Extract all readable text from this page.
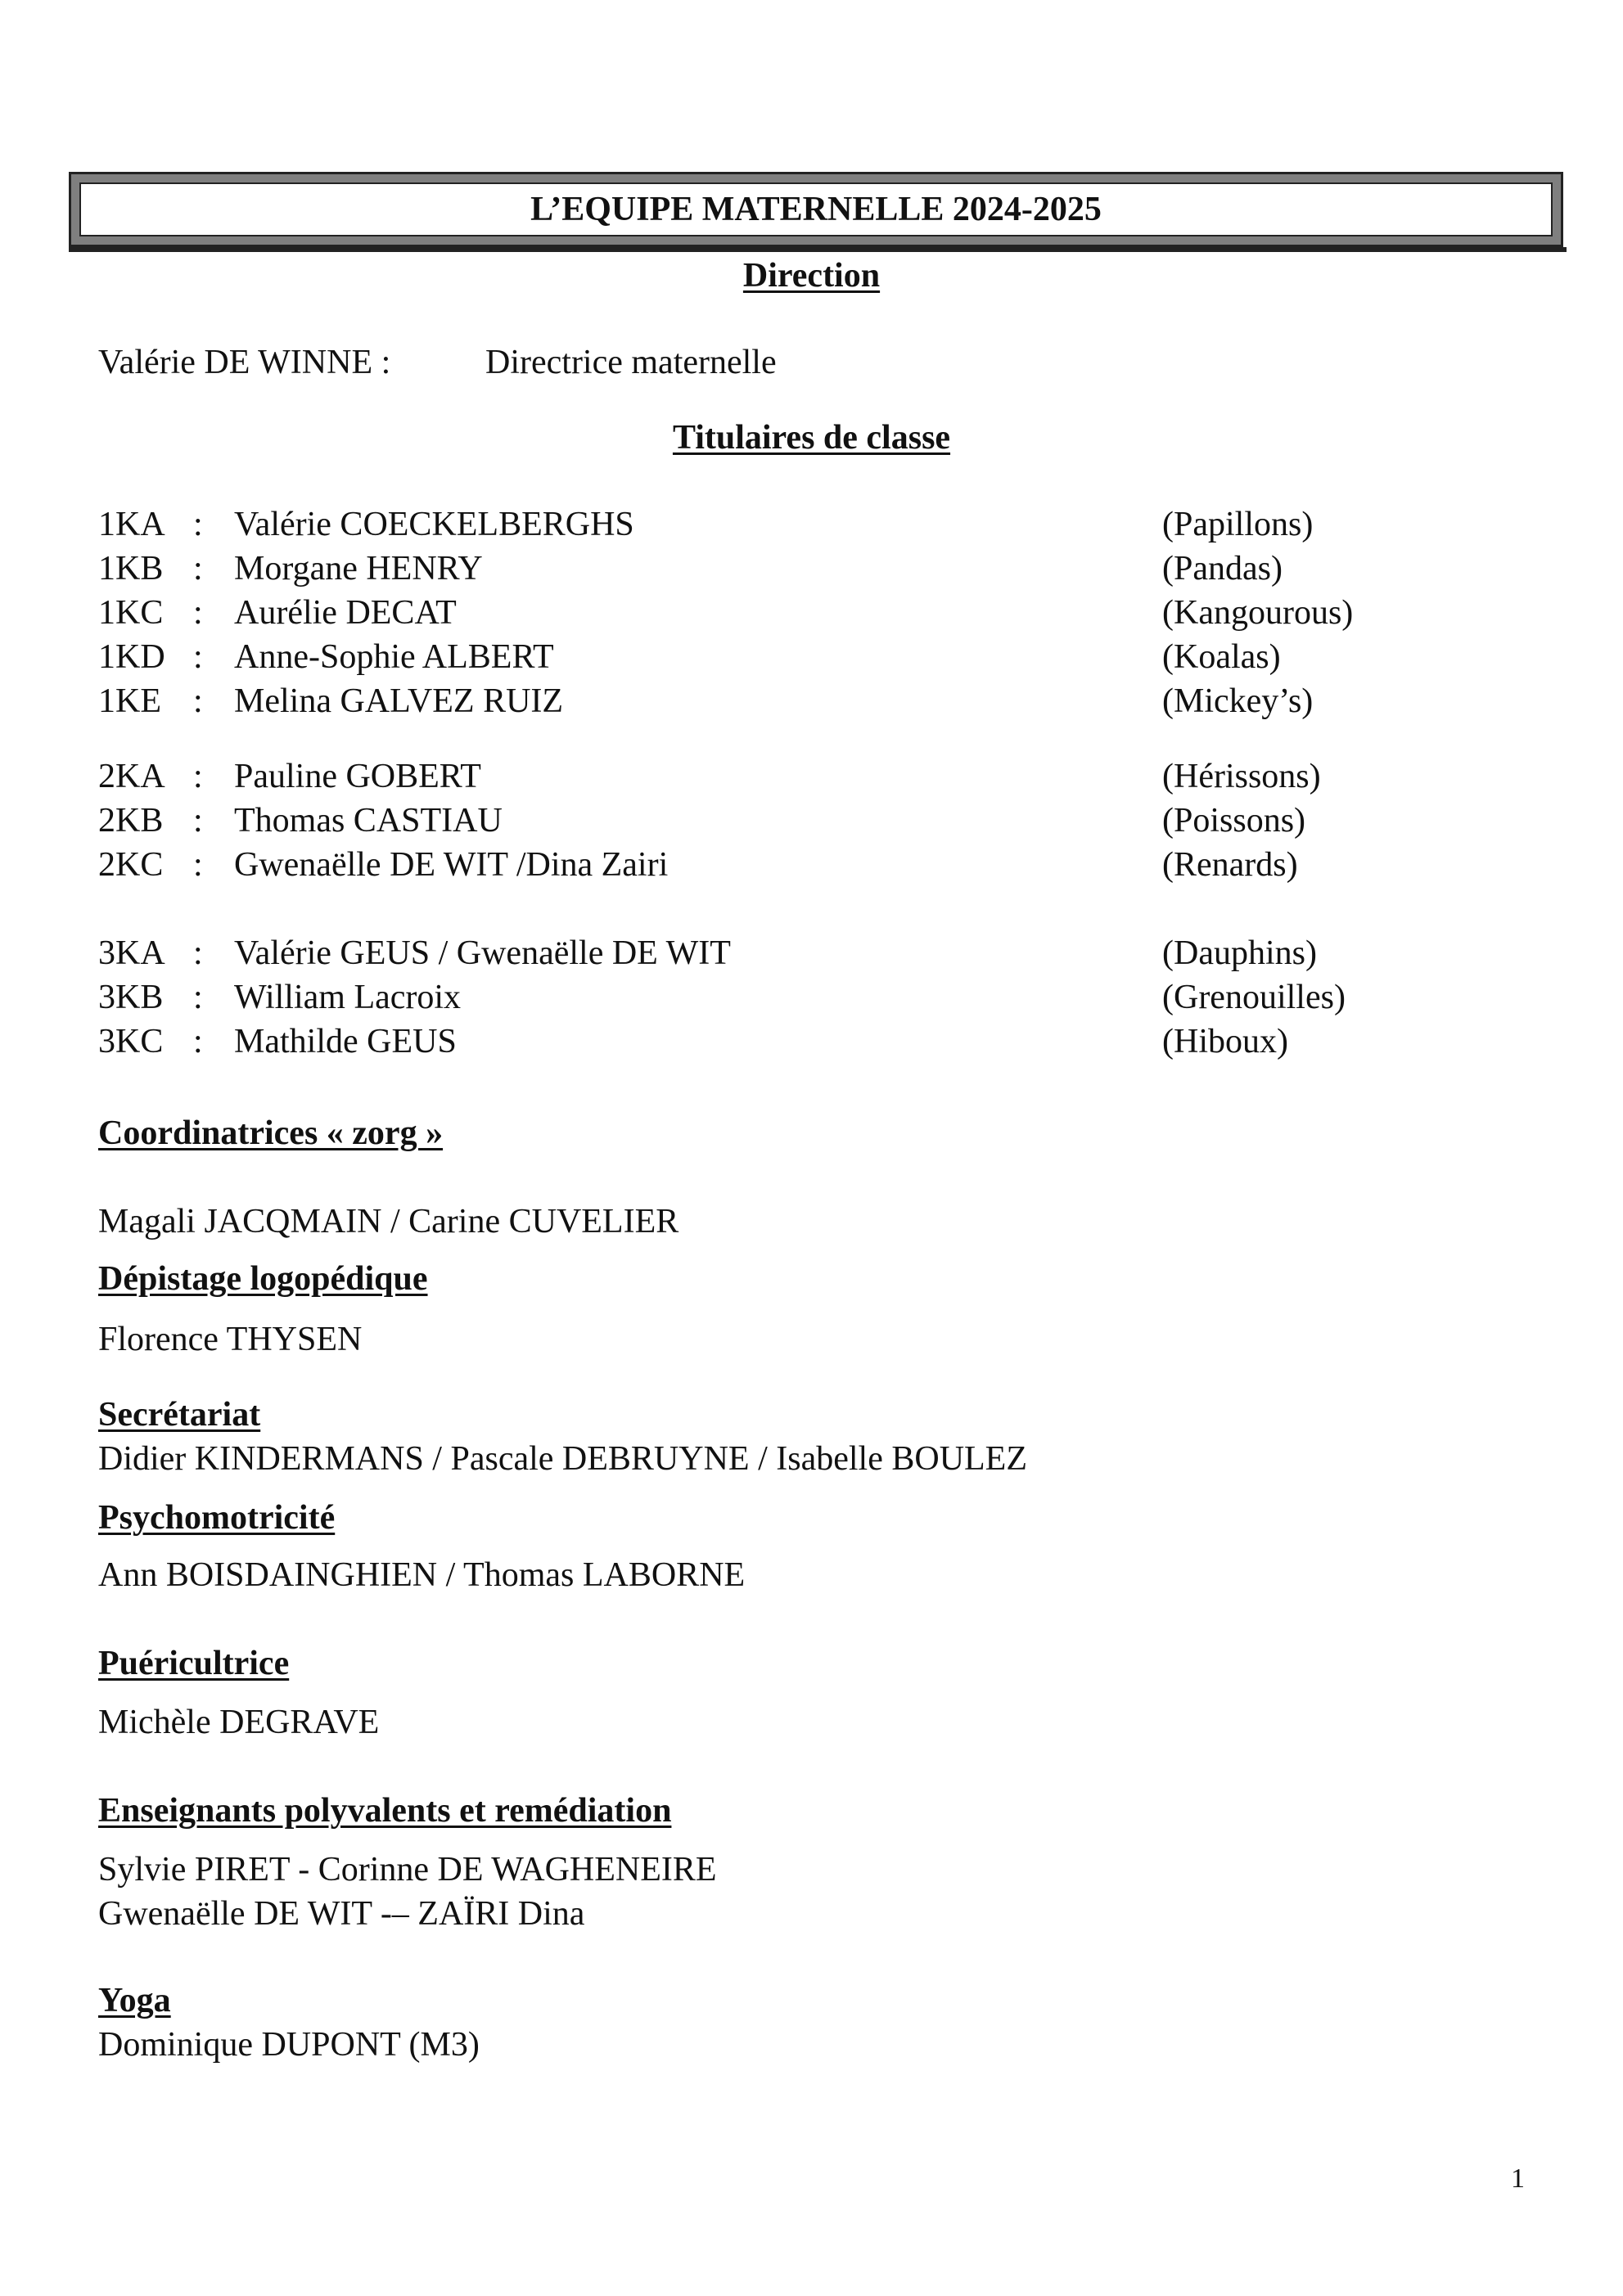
L’EQUIPE MATERNELLE 2024-2025
Direction
Valérie DE WINNE :	Directrice maternelle
Titulaires de classe
1KA : Valérie COECKELBERGHS	(Papillons)
1KB : Morgane HENRY	(Pandas)
1KC : Aurélie DECAT	(Kangourous)
1KD : Anne-Sophie ALBERT	(Koalas)
1KE : Melina GALVEZ RUIZ	(Mickey’s)
2KA : Pauline GOBERT	(Hérissons)
2KB : Thomas CASTIAU	(Poissons)
2KC : Gwenaëlle DE WIT /Dina Zairi	(Renards)
3KA : Valérie GEUS / Gwenaëlle DE WIT	(Dauphins)
3KB : William Lacroix	(Grenouilles)
3KC : Mathilde GEUS	(Hiboux)
Coordinatrices « zorg »
Magali JACQMAIN / Carine CUVELIER
Dépistage logopédique
Florence THYSEN
Secrétariat
Didier KINDERMANS / Pascale DEBRUYNE / Isabelle BOULEZ
Psychomotricité
Ann BOISDAINGHIEN / Thomas LABORNE
Puéricultrice
Michèle DEGRAVE
Enseignants polyvalents et remédiation
Sylvie PIRET - Corinne DE WAGHENEIRE
Gwenaëlle DE WIT -– ZAÏRI Dina
Yoga
Dominique DUPONT (M3)
1
